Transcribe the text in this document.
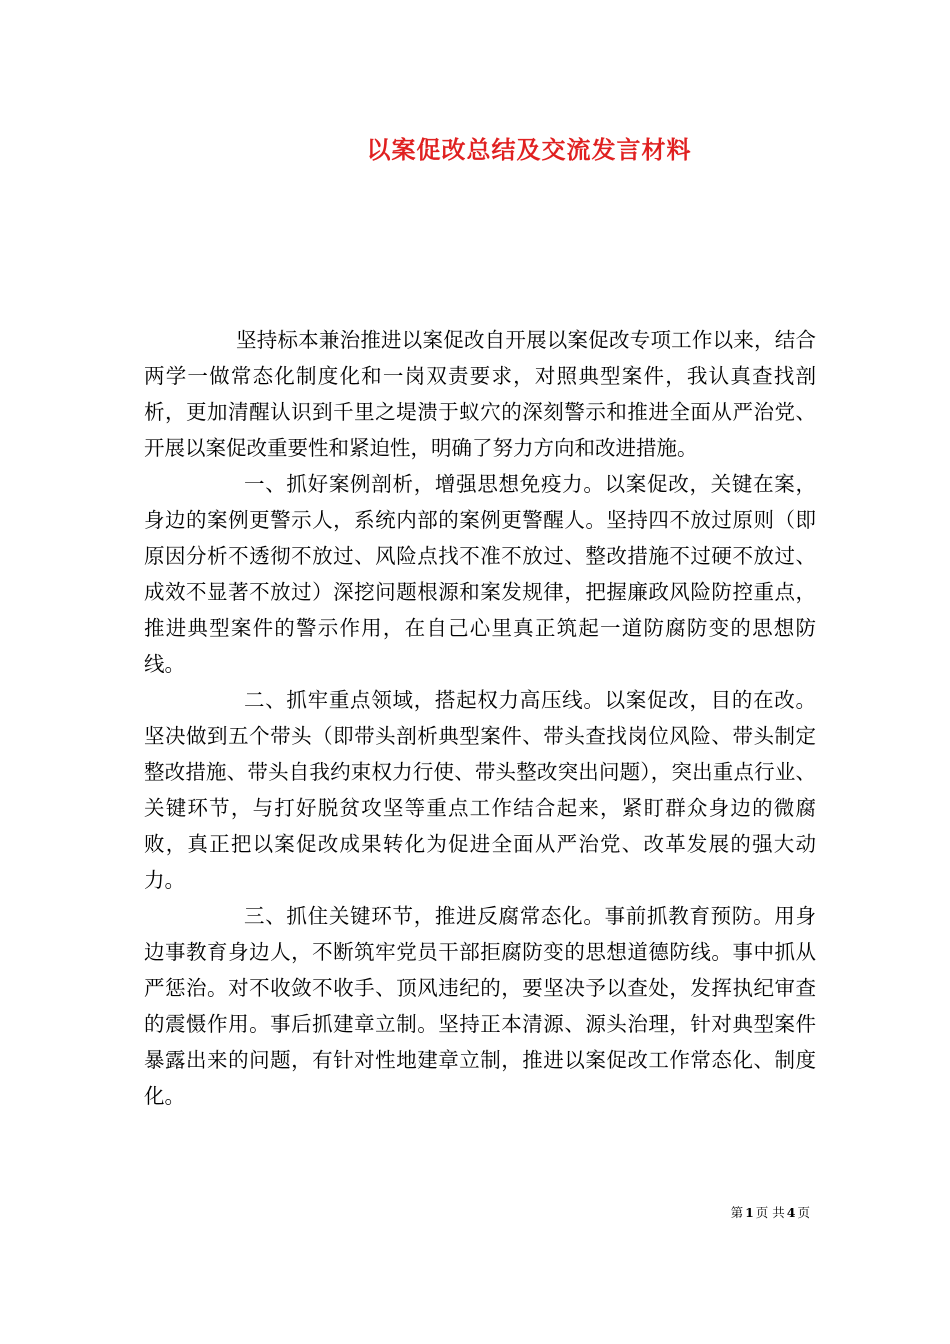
以案促改总结及交流发言材料

坚持标本兼治推进以案促改自开展以案促改专项工作以来，结合两学一做常态化制度化和一岗双责要求，对照典型案件，我认真查找剖析，更加清醒认识到千里之堤溃于蚁穴的深刻警示和推进全面从严治党、开展以案促改重要性和紧迫性，明确了努力方向和改进措施。

一、抓好案例剖析，增强思想免疫力。以案促改，关键在案，身边的案例更警示人，系统内部的案例更警醒人。坚持四不放过原则（即原因分析不透彻不放过、风险点找不准不放过、整改措施不过硬不放过、成效不显著不放过）深挖问题根源和案发规律，把握廉政风险防控重点，推进典型案件的警示作用，在自己心里真正筑起一道防腐防变的思想防线。

二、抓牢重点领域，搭起权力高压线。以案促改，目的在改。坚决做到五个带头（即带头剖析典型案件、带头查找岗位风险、带头制定整改措施、带头自我约束权力行使、带头整改突出问题），突出重点行业、关键环节，与打好脱贫攻坚等重点工作结合起来，紧盯群众身边的微腐败，真正把以案促改成果转化为促进全面从严治党、改革发展的强大动力。

三、抓住关键环节，推进反腐常态化。事前抓教育预防。用身边事教育身边人，不断筑牢党员干部拒腐防变的思想道德防线。事中抓从严惩治。对不收敛不收手、顶风违纪的，要坚决予以查处，发挥执纪审查的震慑作用。事后抓建章立制。坚持正本清源、源头治理，针对典型案件暴露出来的问题，有针对性地建章立制，推进以案促改工作常态化、制度化。

第 1 页 共 4 页
